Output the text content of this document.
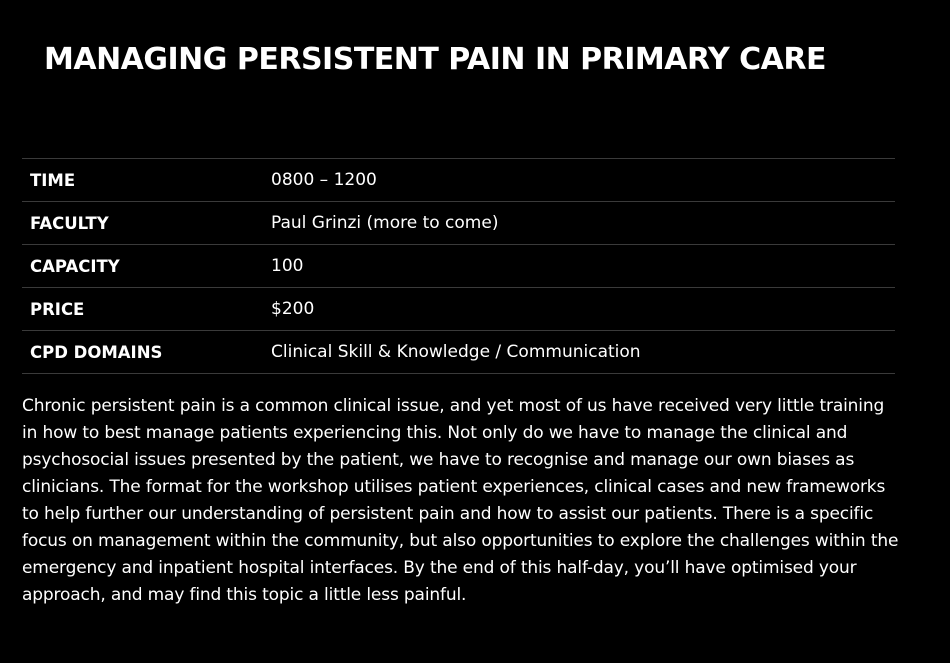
MANAGING PERSISTENT PAIN IN PRIMARY CARE
TIME	0800 – 1200
FACULTY	Paul Grinzi (more to come)
CAPACITY	100
PRICE	$200
CPD DOMAINS	Clinical Skill & Knowledge / Communication

Chronic persistent pain is a common clinical issue, and yet most of us have received very little training in how to best manage patients experiencing this. Not only do we have to manage the clinical and psychosocial issues presented by the patient, we have to recognise and manage our own biases as clinicians. The format for the workshop utilises patient experiences, clinical cases and new frameworks to help further our understanding of persistent pain and how to assist our patients. There is a specific focus on management within the community, but also opportunities to explore the challenges within the emergency and inpatient hospital interfaces. By the end of this half-day, you’ll have optimised your approach, and may find this topic a little less painful.
